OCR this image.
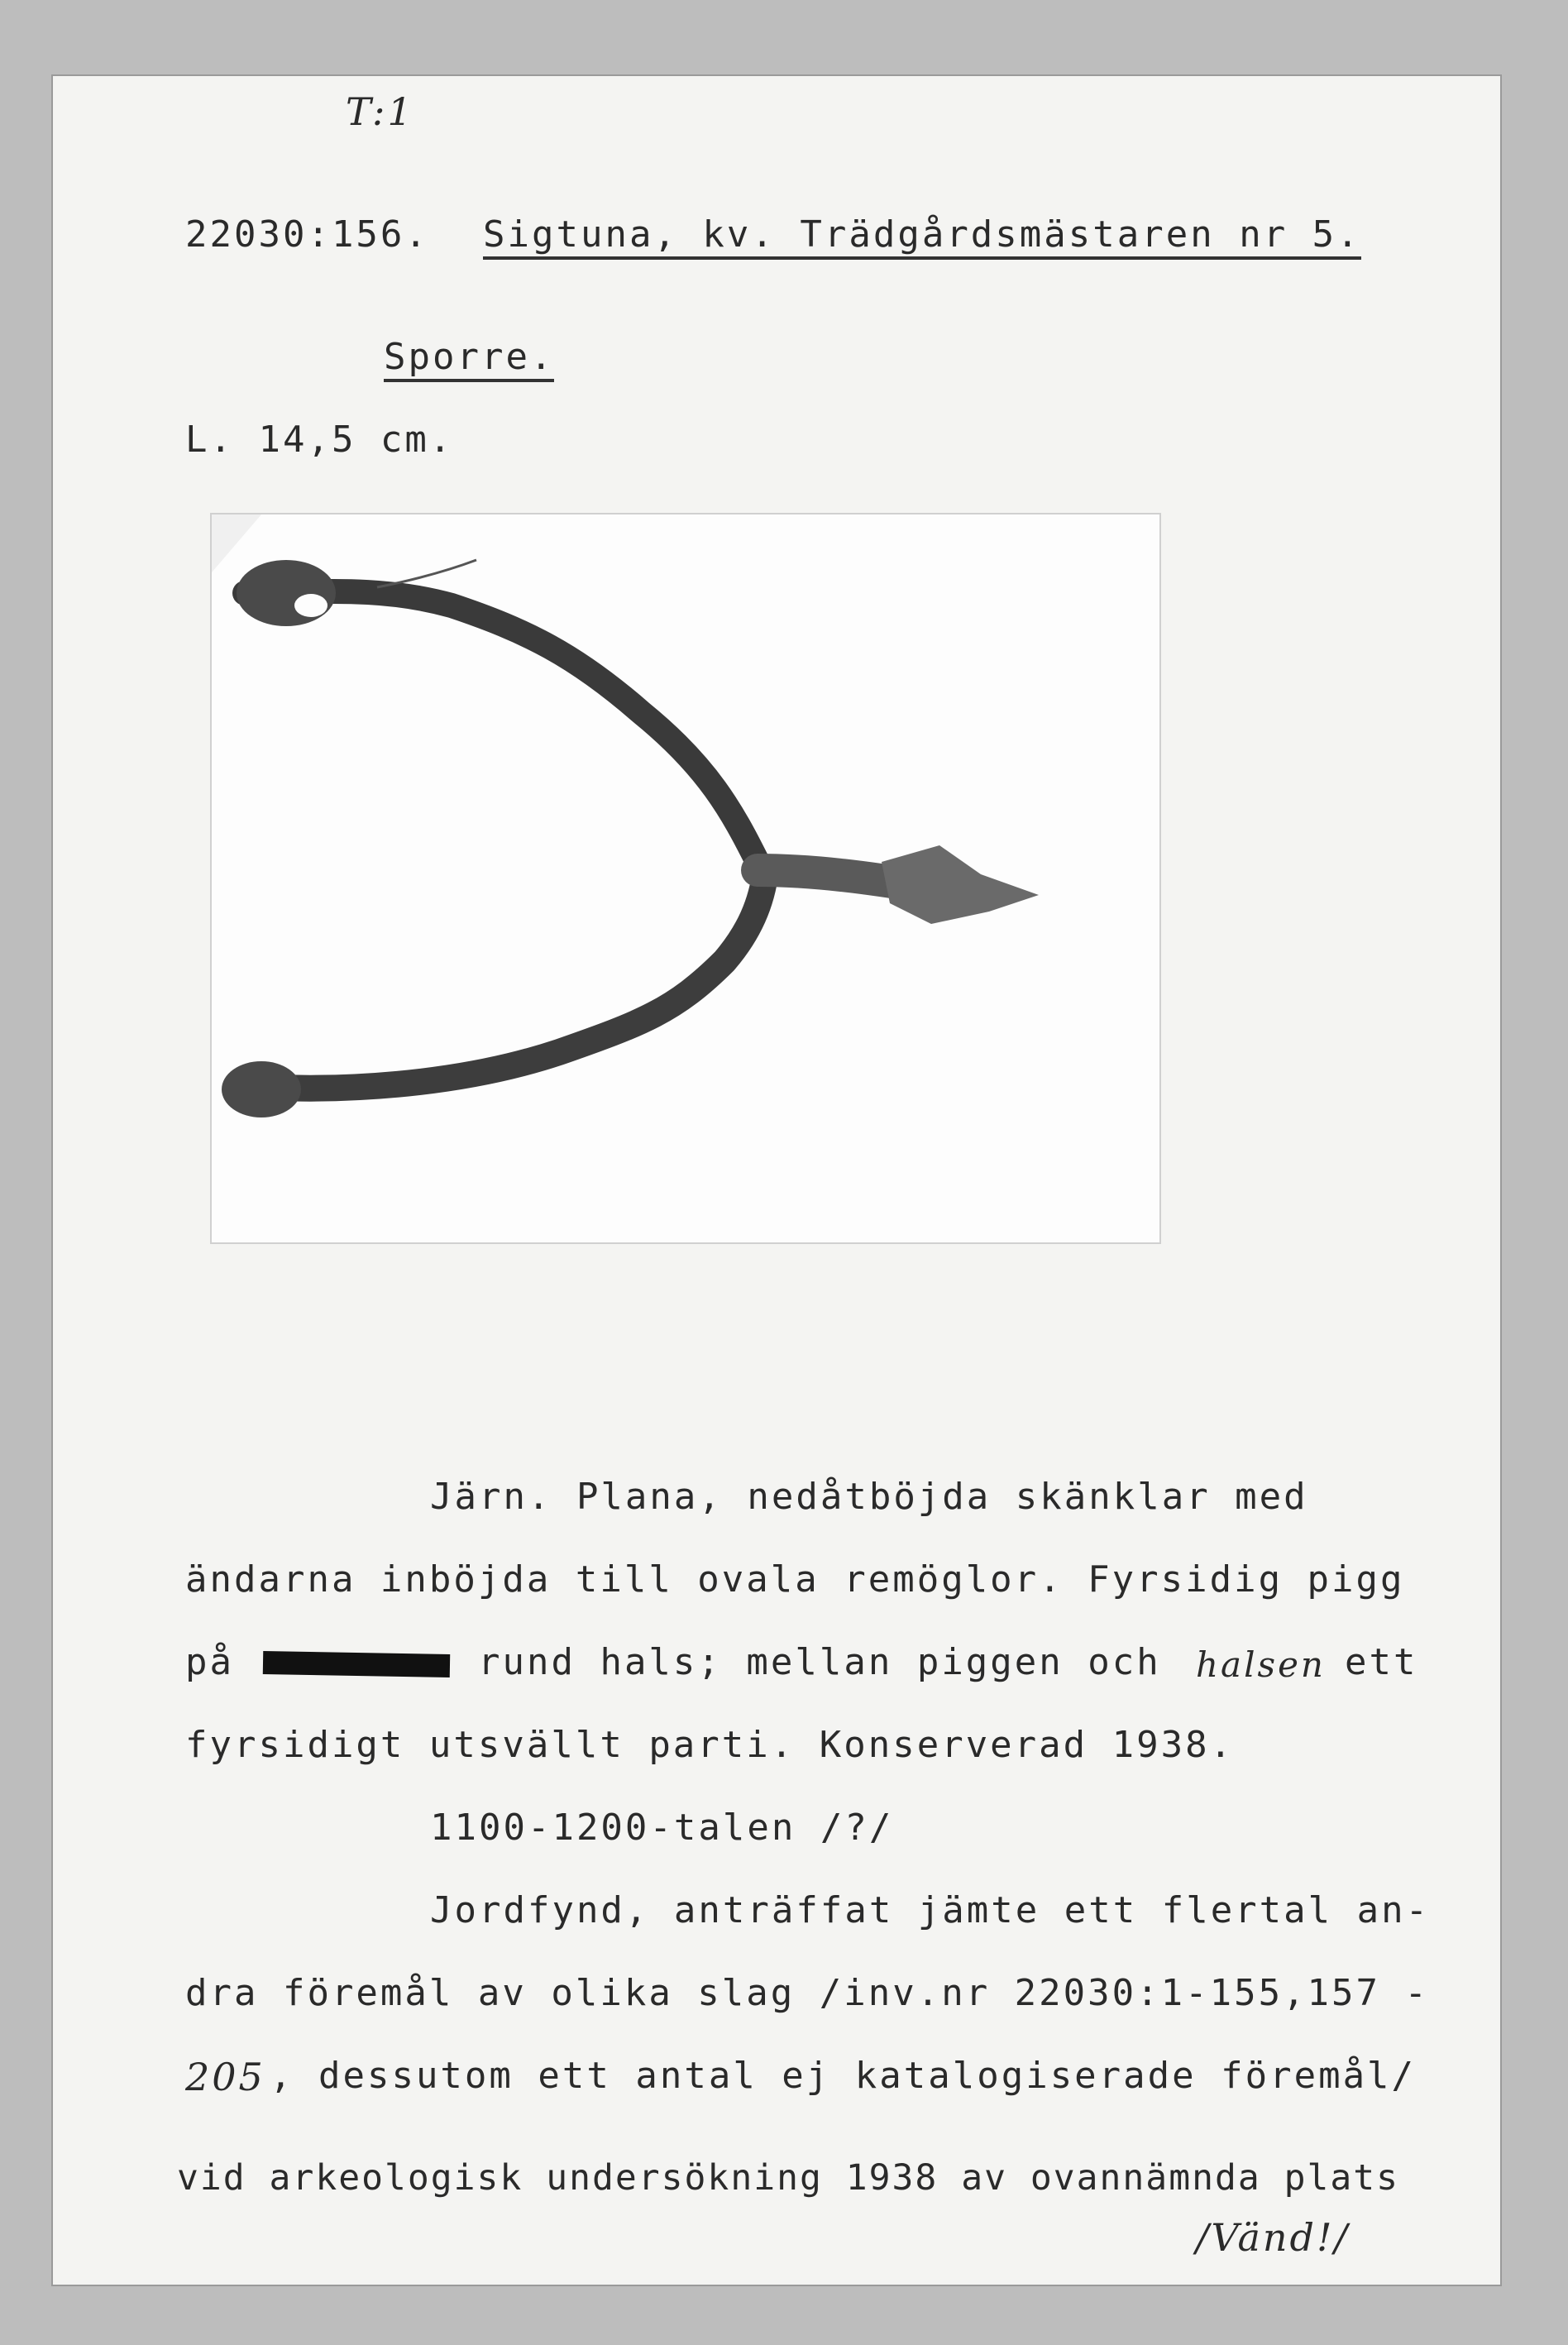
T:1
22030:156. Sigtuna, kv. Trädgårdsmästaren nr 5.
Sporre.
L. 14,5 cm.
Järn. Plana, nedåtböjda skänklar med
ändarna inböjda till ovala remöglor. Fyrsidig pigg
på	rund hals; mellan piggen och halsen ett
fyrsidigt utsvällt parti. Konserverad 1938.
1100-1200-talen /?/
Jordfynd, anträffat jämte ett flertal an-
dra föremål av olika slag /inv.nr 22030:1-155,157 -
205 , dessutom ett antal ej katalogiserade föremål/
vid arkeologisk undersökning 1938 av ovannämnda plats
/Vänd!/
